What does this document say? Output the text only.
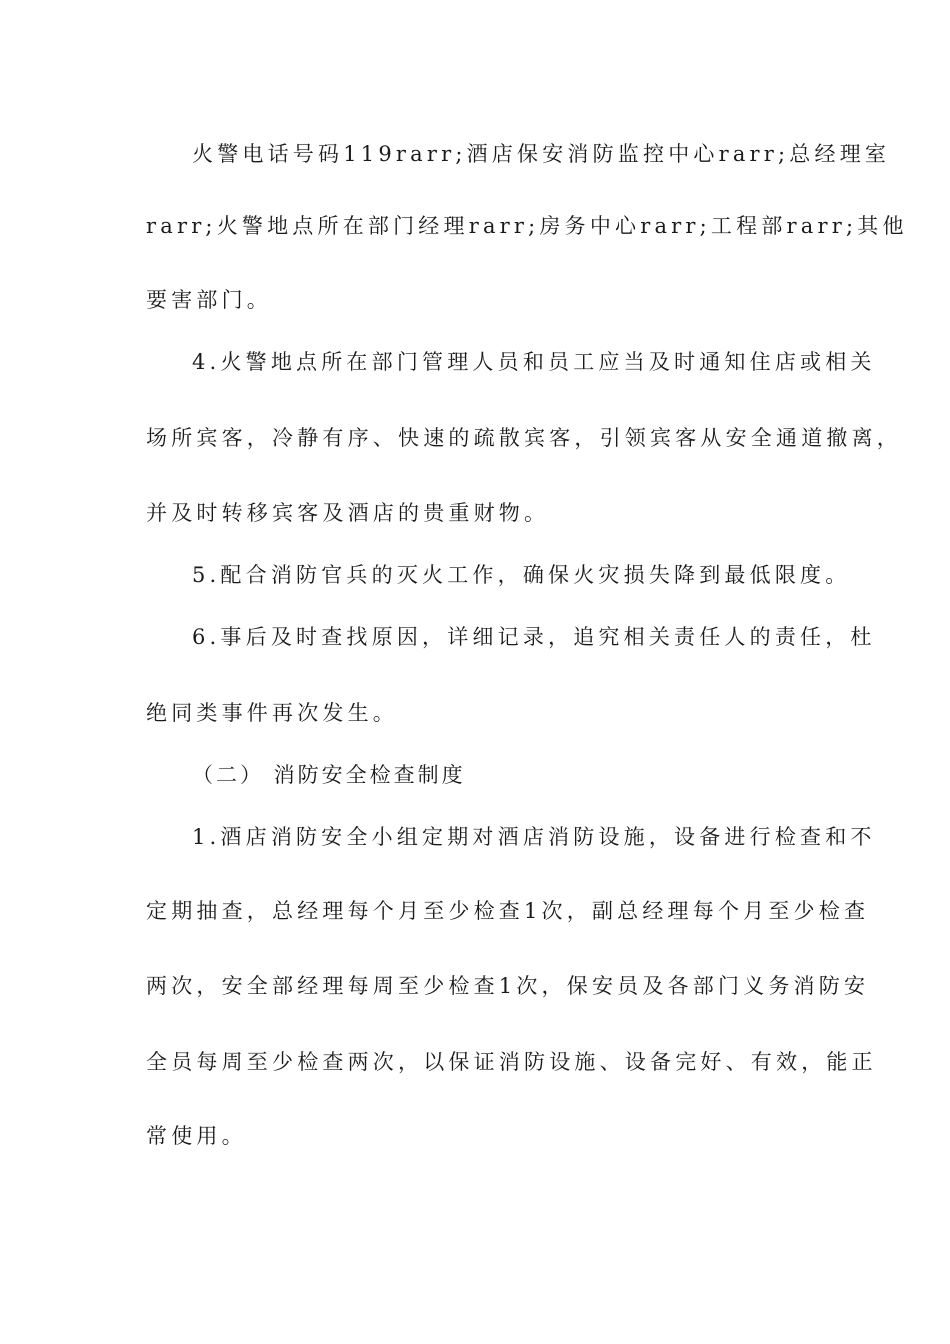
火警电话号码119rarr;酒店保安消防监控中心rarr;总经理室
rarr;火警地点所在部门经理rarr;房务中心rarr;工程部rarr;其他
要害部门。
4.火警地点所在部门管理人员和员工应当及时通知住店或相关
场所宾客，冷静有序、快速的疏散宾客，引领宾客从安全通道撤离，
并及时转移宾客及酒店的贵重财物。
5.配合消防官兵的灭火工作，确保火灾损失降到最低限度。
6.事后及时查找原因，详细记录，追究相关责任人的责任，杜
绝同类事件再次发生。
（二） 消防安全检查制度
1.酒店消防安全小组定期对酒店消防设施，设备进行检查和不
定期抽查，总经理每个月至少检查1次，副总经理每个月至少检查
两次，安全部经理每周至少检查1次，保安员及各部门义务消防安
全员每周至少检查两次，以保证消防设施、设备完好、有效，能正
常使用。
